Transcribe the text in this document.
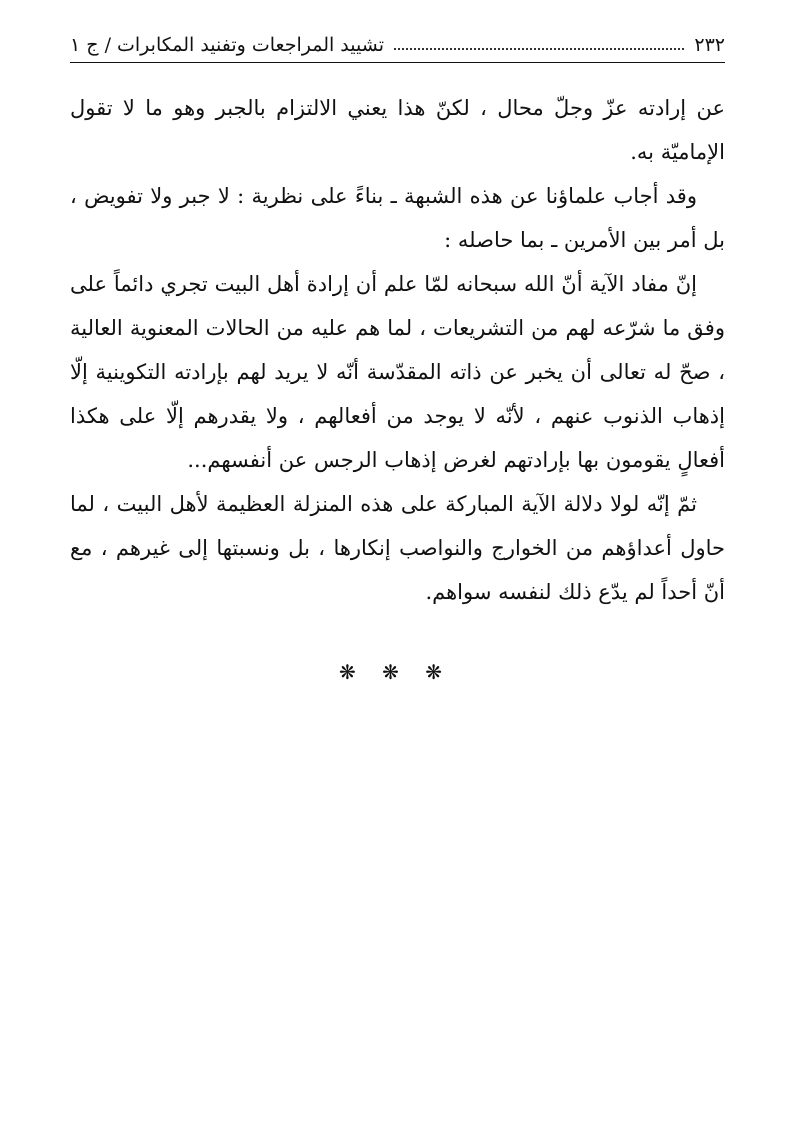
٢٣٢
تشييد المراجعات وتفنيد المكابرات / ج ١

عن إرادته عزّ وجلّ محال ، لكنّ هذا يعني الالتزام بالجبر وهو ما لا تقول الإماميّة به.

وقد أجاب علماؤنا عن هذه الشبهة ـ بناءً على نظرية : لا جبر ولا تفويض ، بل أمر بين الأمرين ـ بما حاصله :

إنّ مفاد الآية أنّ الله سبحانه لمّا علم أن إرادة أهل البيت تجري دائماً على وفق ما شرّعه لهم من التشريعات ، لما هم عليه من الحالات المعنوية العالية ، صحّ له تعالى أن يخبر عن ذاته المقدّسة أنّه لا يريد لهم بإرادته التكوينية إلّا إذهاب الذنوب عنهم ، لأنّه لا يوجد من أفعالهم ، ولا يقدرهم إلّا على هكذا أفعالٍ يقومون بها بإرادتهم لغرض إذهاب الرجس عن أنفسهم...

ثمّ إنّه لولا دلالة الآية المباركة على هذه المنزلة العظيمة لأهل البيت ، لما حاول أعداؤهم من الخوارج والنواصب إنكارها ، بل ونسبتها إلى غيرهم ، مع أنّ أحداً لم يدّع ذلك لنفسه سواهم.

❋ ❋ ❋
